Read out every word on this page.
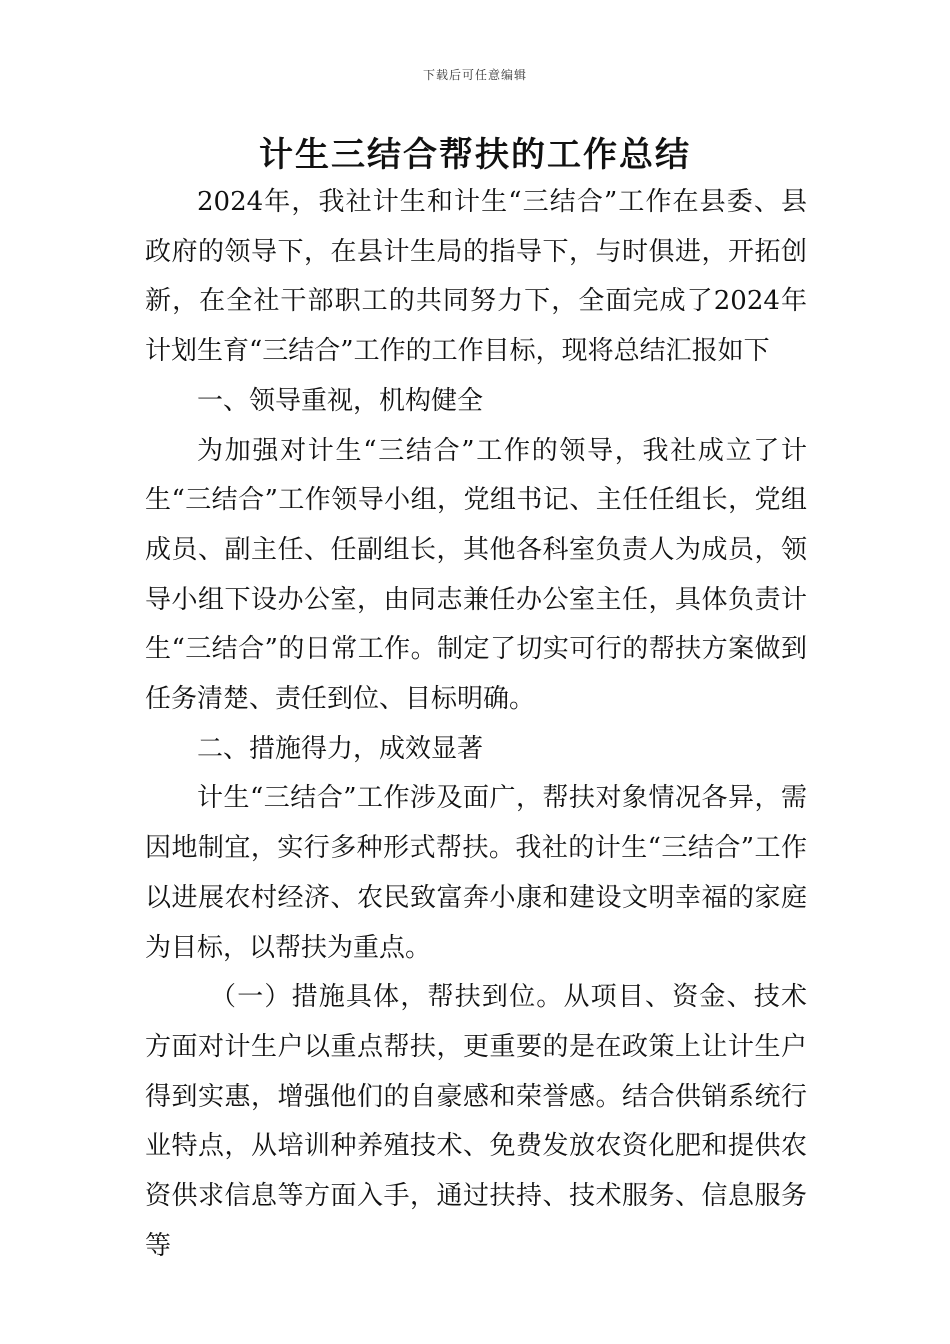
下载后可任意编辑
计生三结合帮扶的工作总结

2024年，我社计生和计生“三结合”工作在县委、县政府的领导下，在县计生局的指导下，与时俱进，开拓创新，在全社干部职工的共同努力下，全面完成了2024年计划生育“三结合”工作的工作目标，现将总结汇报如下

一、领导重视，机构健全

为加强对计生“三结合”工作的领导，我社成立了计生“三结合”工作领导小组，党组书记、主任任组长，党组成员、副主任、任副组长，其他各科室负责人为成员，领导小组下设办公室，由同志兼任办公室主任，具体负责计生“三结合”的日常工作。制定了切实可行的帮扶方案做到任务清楚、责任到位、目标明确。

二、措施得力，成效显著

计生“三结合”工作涉及面广，帮扶对象情况各异，需因地制宜，实行多种形式帮扶。我社的计生“三结合”工作以进展农村经济、农民致富奔小康和建设文明幸福的家庭为目标，以帮扶为重点。

（一）措施具体，帮扶到位。从项目、资金、技术方面对计生户以重点帮扶，更重要的是在政策上让计生户得到实惠，增强他们的自豪感和荣誉感。结合供销系统行业特点，从培训种养殖技术、免费发放农资化肥和提供农资供求信息等方面入手，通过扶持、技术服务、信息服务等
